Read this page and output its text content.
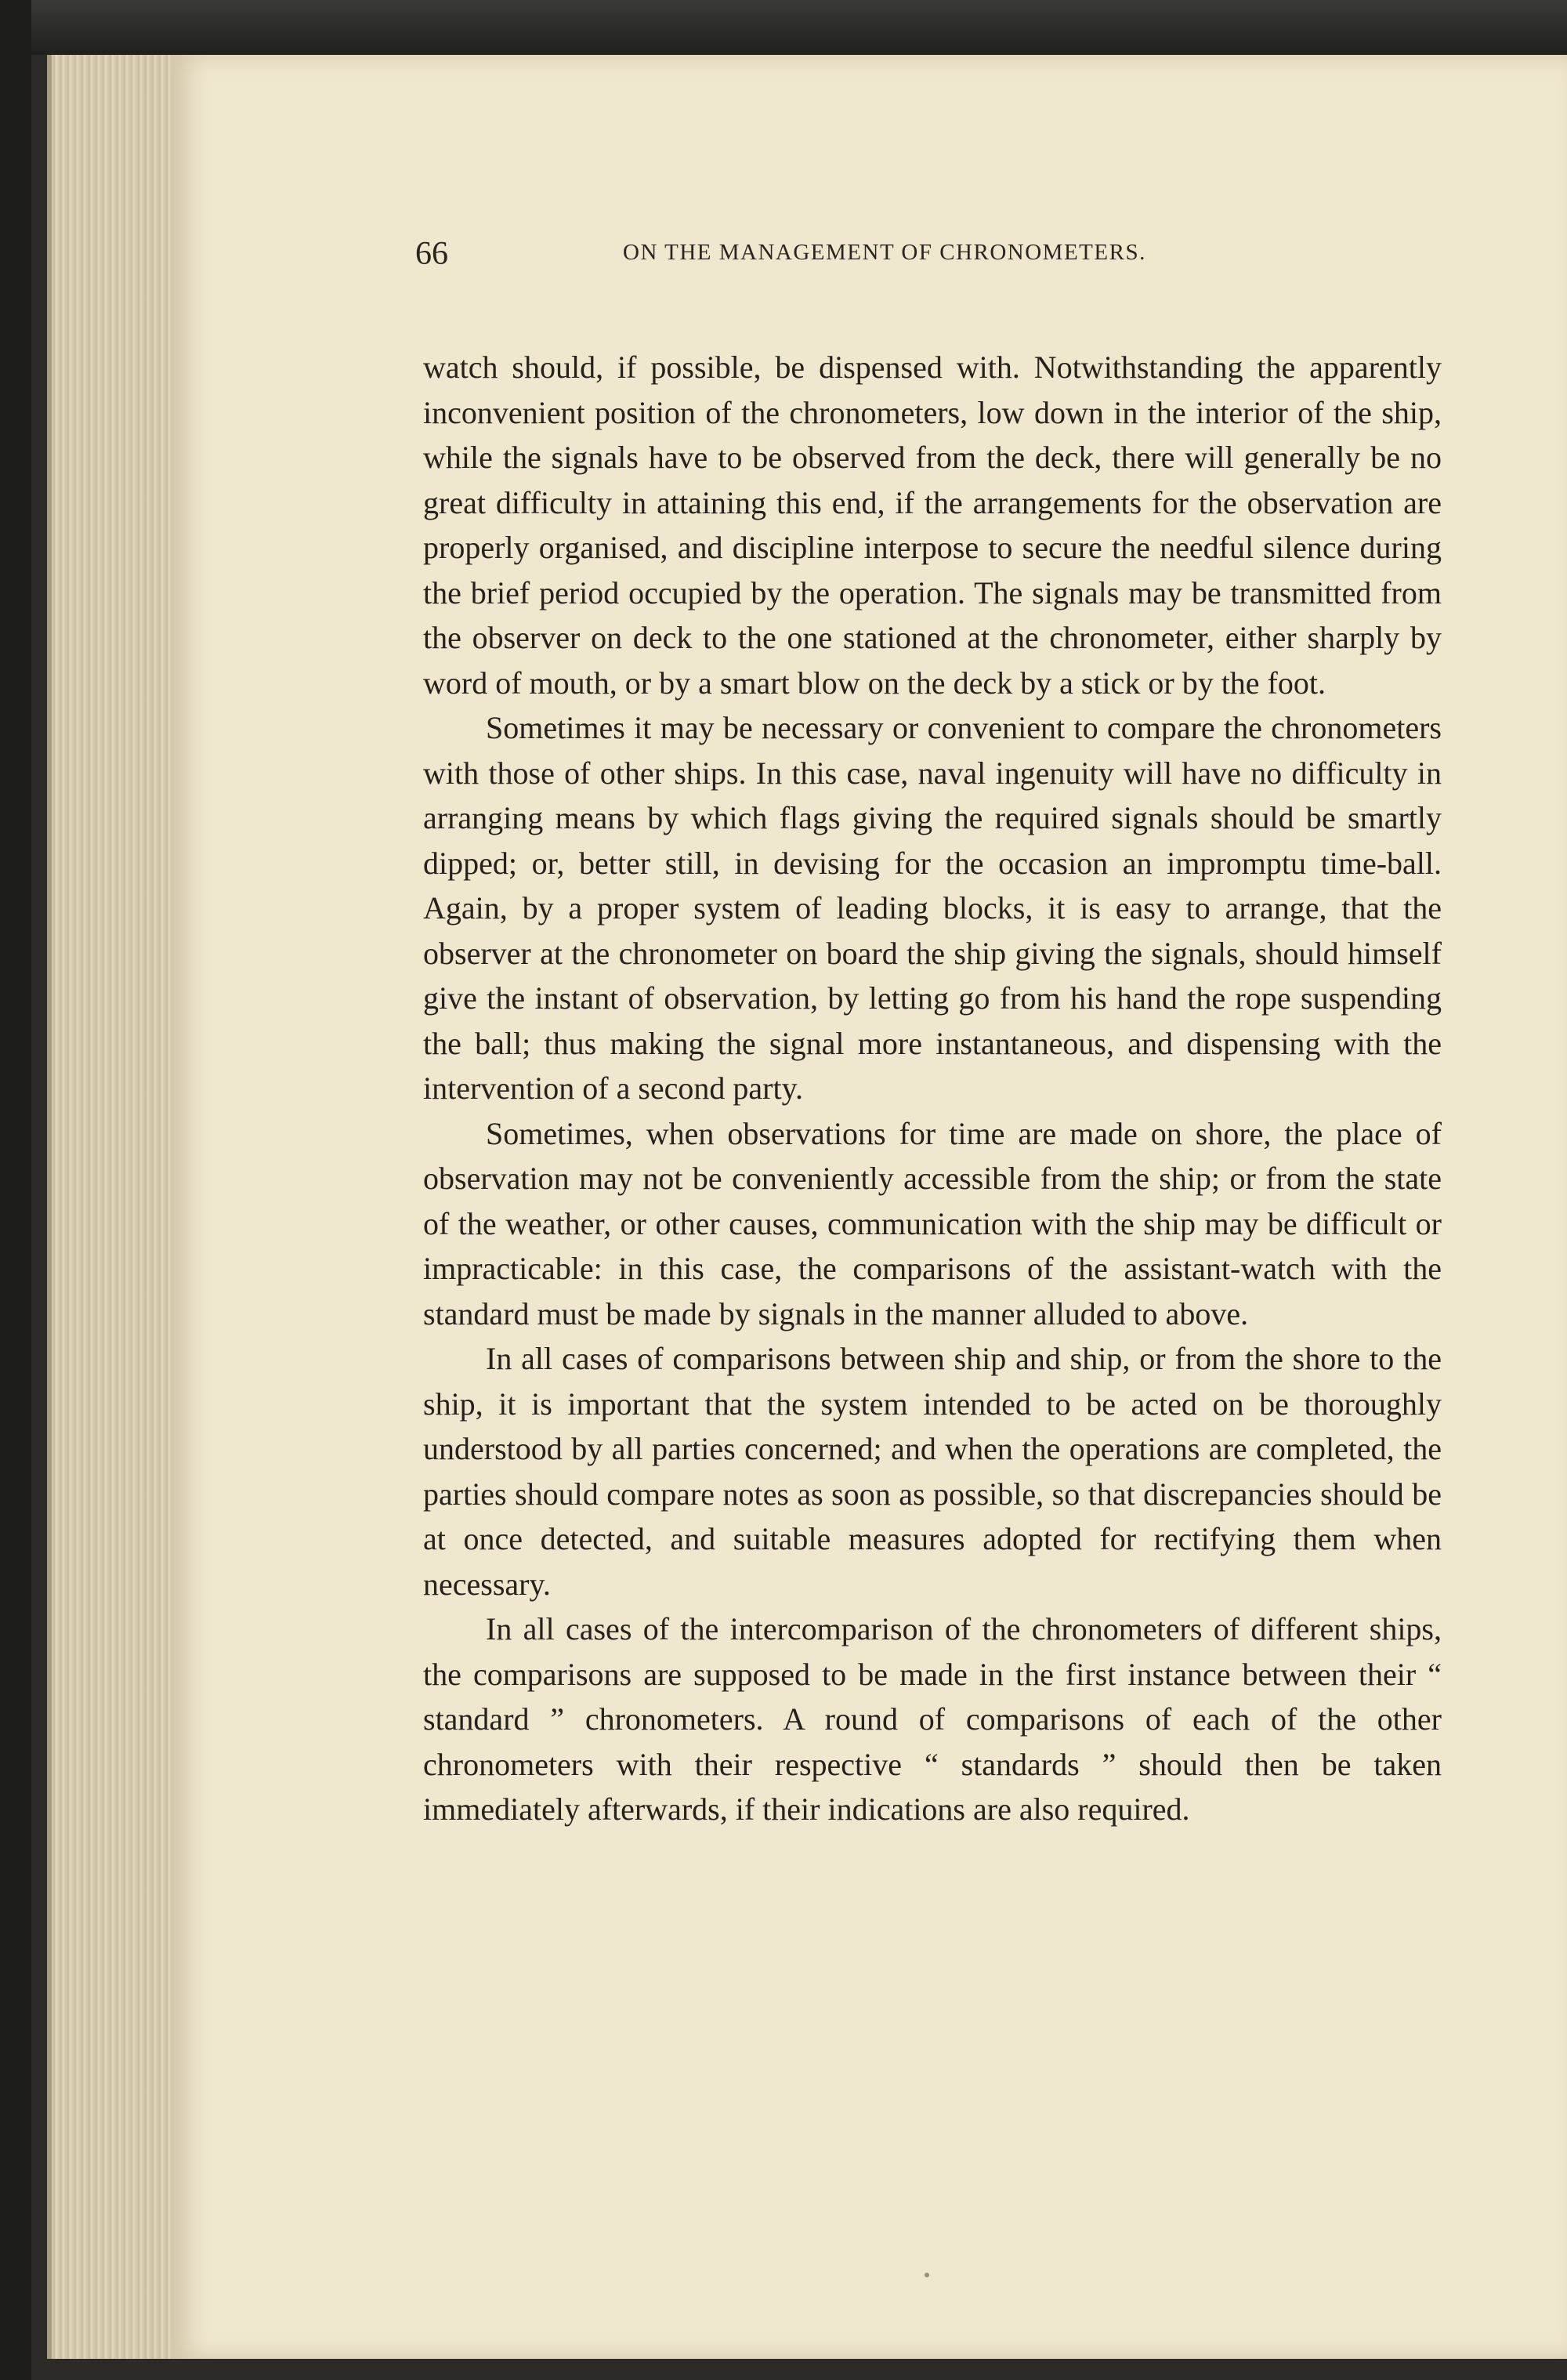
66	ON THE MANAGEMENT OF CHRONOMETERS.

watch should, if possible, be dispensed with. Notwithstanding the apparently inconvenient position of the chronometers, low down in the interior of the ship, while the signals have to be observed from the deck, there will generally be no great difficulty in attaining this end, if the arrangements for the observation are properly organised, and discipline interpose to secure the needful silence during the brief period occupied by the operation. The signals may be transmitted from the observer on deck to the one stationed at the chronometer, either sharply by word of mouth, or by a smart blow on the deck by a stick or by the foot.

Sometimes it may be necessary or convenient to compare the chronometers with those of other ships. In this case, naval ingenuity will have no difficulty in arranging means by which flags giving the required signals should be smartly dipped; or, better still, in devising for the occasion an impromptu time-ball. Again, by a proper system of leading blocks, it is easy to arrange, that the observer at the chronometer on board the ship giving the signals, should himself give the instant of observation, by letting go from his hand the rope suspending the ball; thus making the signal more instantaneous, and dispensing with the intervention of a second party.

Sometimes, when observations for time are made on shore, the place of observation may not be conveniently accessible from the ship; or from the state of the weather, or other causes, communication with the ship may be difficult or impracticable: in this case, the comparisons of the assistant-watch with the standard must be made by signals in the manner alluded to above.

In all cases of comparisons between ship and ship, or from the shore to the ship, it is important that the system intended to be acted on be thoroughly understood by all parties concerned; and when the operations are completed, the parties should compare notes as soon as possible, so that discrepancies should be at once detected, and suitable measures adopted for rectifying them when necessary.

In all cases of the intercomparison of the chronometers of different ships, the comparisons are supposed to be made in the first instance between their “ standard ” chronometers. A round of comparisons of each of the other chronometers with their respective “ standards ” should then be taken immediately afterwards, if their indications are also required.
